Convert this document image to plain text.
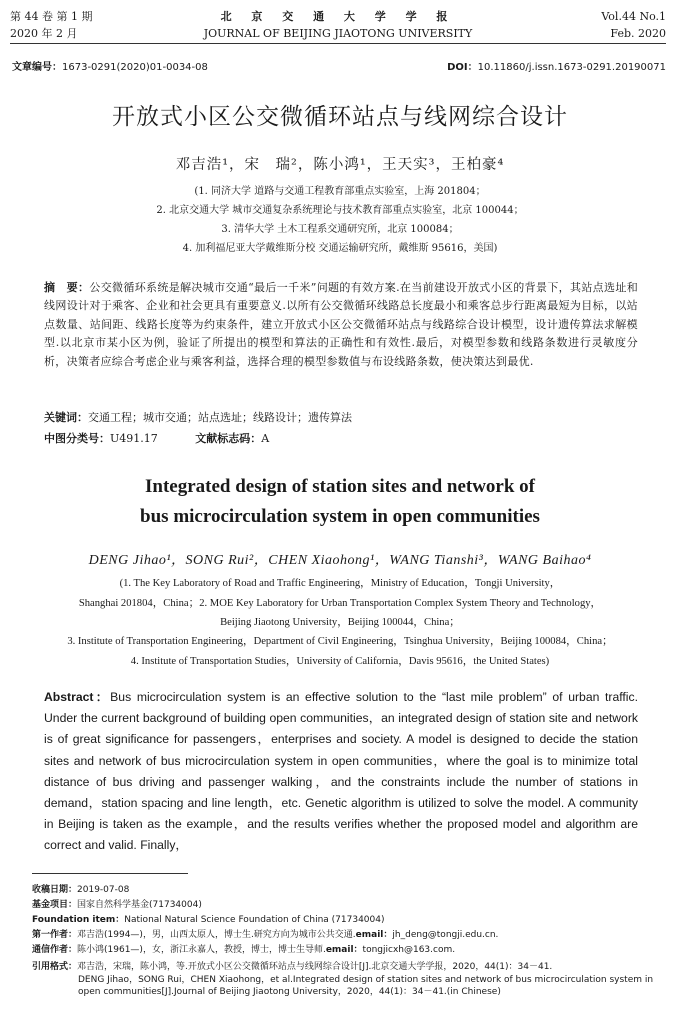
第 44 卷 第 1 期
2020 年 2 月
北 京 交 通 大 学 学 报
JOURNAL OF BEIJING JIAOTONG UNIVERSITY
Vol.44 No.1
Feb. 2020
文章编号：1673-0291(2020)01-0034-08	DOI：10.11860/j.issn.1673-0291.20190071
开放式小区公交微循环站点与线网综合设计
邓吉浩¹，宋　瑞²，陈小鸿¹，王天实³，王柏豪⁴
(1. 同济大学 道路与交通工程教育部重点实验室，上海 201804；
2. 北京交通大学 城市交通复杂系统理论与技术教育部重点实验室，北京 100044；
3. 清华大学 土木工程系交通研究所，北京 100084；
4. 加利福尼亚大学戴维斯分校 交通运输研究所，戴维斯 95616，美国)
摘　要：公交微循环系统是解决城市交通“最后一千米”问题的有效方案.在当前建设开放式小区的背景下，其站点选址和线网设计对于乘客、企业和社会更具有重要意义.以所有公交微循环线路总长度最小和乘客总步行距离最短为目标，以站点数量、站间距、线路长度等为约束条件，建立开放式小区公交微循环站点与线路综合设计模型，设计遗传算法求解模型.以北京市某小区为例，验证了所提出的模型和算法的正确性和有效性.最后，对模型参数和线路条数进行灵敏度分析，决策者应综合考虑企业与乘客利益，选择合理的模型参数值与布设线路条数，使决策达到最优.
关键词：交通工程；城市交通；站点选址；线路设计；遗传算法
中图分类号：U491.17	文献标志码：A
Integrated design of station sites and network of
bus microcirculation system in open communities
DENG Jihao¹，SONG Rui²，CHEN Xiaohong¹，WANG Tianshi³，WANG Baihao⁴
(1. The Key Laboratory of Road and Traffic Engineering，Ministry of Education，Tongji University，
Shanghai 201804，China；2. MOE Key Laboratory for Urban Transportation Complex System Theory and Technology，
Beijing Jiaotong University，Beijing 100044，China；
3. Institute of Transportation Engineering，Department of Civil Engineering，Tsinghua University，Beijing 100084，China；
4. Institute of Transportation Studies，University of California，Davis 95616，the United States)
Abstract：Bus microcirculation system is an effective solution to the “last mile problem” of urban traffic. Under the current background of building open communities，an integrated design of station site and network is of great significance for passengers，enterprises and society. A model is designed to decide the station sites and network of bus microcirculation system in open communities，where the goal is to minimize total distance of bus driving and passenger walking，and the constraints include the number of stations in demand，station spacing and line length，etc. Genetic algorithm is utilized to solve the model. A community in Beijing is taken as the example，and the results verifies whether the proposed model and algorithm are correct and valid. Finally，
收稿日期：2019-07-08
基金项目：国家自然科学基金(71734004)
Foundation item：National Natural Science Foundation of China (71734004)
第一作者：邓吉浩(1994—)，男，山西太原人，博士生.研究方向为城市公共交通.email：jh_deng@tongji.edu.cn.
通信作者：陈小鸿(1961—)，女，浙江永嘉人，教授，博士，博士生导师.email：tongjicxh@163.com.
引用格式：邓吉浩，宋瑞，陈小鸿，等.开放式小区公交微循环站点与线网综合设计[J].北京交通大学学报，2020，44(1)：34－41.
DENG Jihao，SONG Rui，CHEN Xiaohong，et al.Integrated design of station sites and network of bus microcirculation system in
open communities[J].Journal of Beijing Jiaotong University，2020，44(1)：34－41.(in Chinese)
